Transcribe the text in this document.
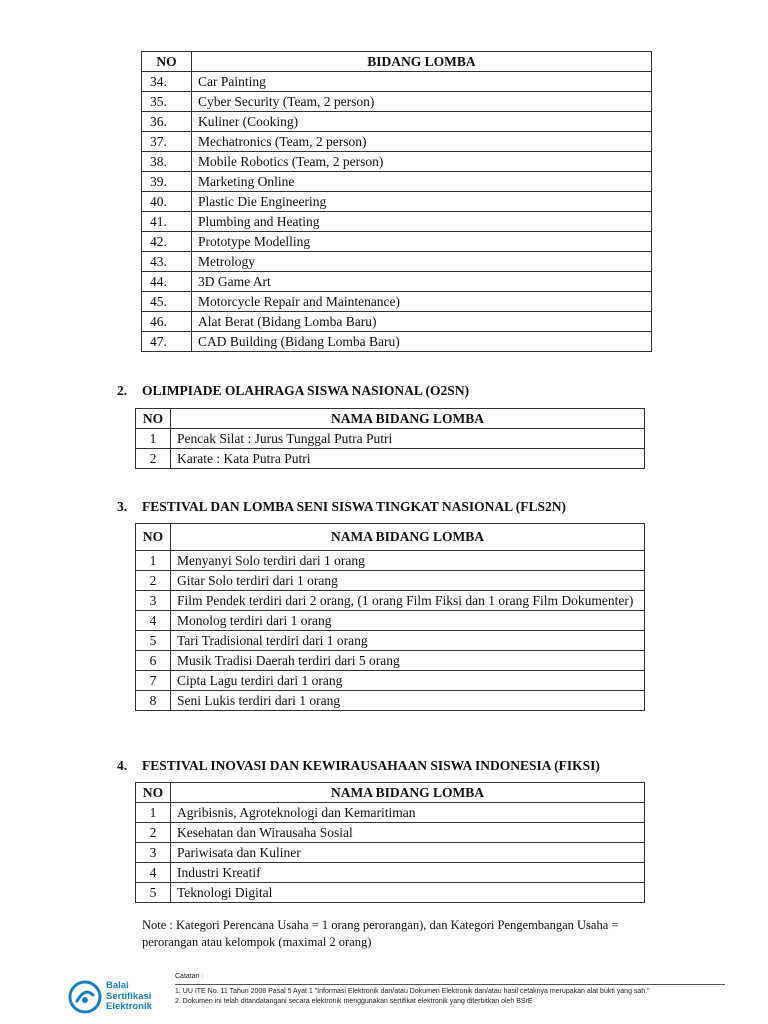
NO	BIDANG LOMBA
34.	Car Painting
35.	Cyber Security (Team, 2 person)
36.	Kuliner (Cooking)
37.	Mechatronics (Team, 2 person)
38.	Mobile Robotics (Team, 2 person)
39.	Marketing Online
40.	Plastic Die Engineering
41.	Plumbing and Heating
42.	Prototype Modelling
43.	Metrology
44.	3D Game Art
45.	Motorcycle Repair and Maintenance)
46.	Alat Berat (Bidang Lomba Baru)
47.	CAD Building (Bidang Lomba Baru)
2. OLIMPIADE OLAHRAGA SISWA NASIONAL (O2SN)
NO	NAMA BIDANG LOMBA
1	Pencak Silat : Jurus Tunggal Putra Putri
2	Karate : Kata Putra Putri
3. FESTIVAL DAN LOMBA SENI SISWA TINGKAT NASIONAL (FLS2N)
NO	NAMA BIDANG LOMBA
1	Menyanyi Solo terdiri dari 1 orang
2	Gitar Solo terdiri dari 1 orang
3	Film Pendek terdiri dari 2 orang, (1 orang Film Fiksi dan 1 orang Film Dokumenter)
4	Monolog terdiri dari 1 orang
5	Tari Tradisional terdiri dari 1 orang
6	Musik Tradisi Daerah terdiri dari 5 orang
7	Cipta Lagu terdiri dari 1 orang
8	Seni Lukis terdiri dari 1 orang
4. FESTIVAL INOVASI DAN KEWIRAUSAHAAN SISWA INDONESIA (FIKSI)
NO	NAMA BIDANG LOMBA
1	Agribisnis, Agroteknologi dan Kemaritiman
2	Kesehatan dan Wirausaha Sosial
3	Pariwisata dan Kuliner
4	Industri Kreatif
5	Teknologi Digital
Note : Kategori Perencana Usaha = 1 orang perorangan), dan Kategori Pengembangan Usaha = perorangan atau kelompok (maximal 2 orang)
Balai
Sertifikasi
Elektronik
Catatan :
1. UU ITE No. 11 Tahun 2008 Pasal 5 Ayat 1 "Informasi Elektronik dan/atau Dokumen Elektronik dan/atau hasil cetaknya merupakan alat bukti yang sah."
2. Dokumen ini telah ditandatangani secara elektronik menggunakan sertifikat elektronik yang diterbitkan oleh BSrE
